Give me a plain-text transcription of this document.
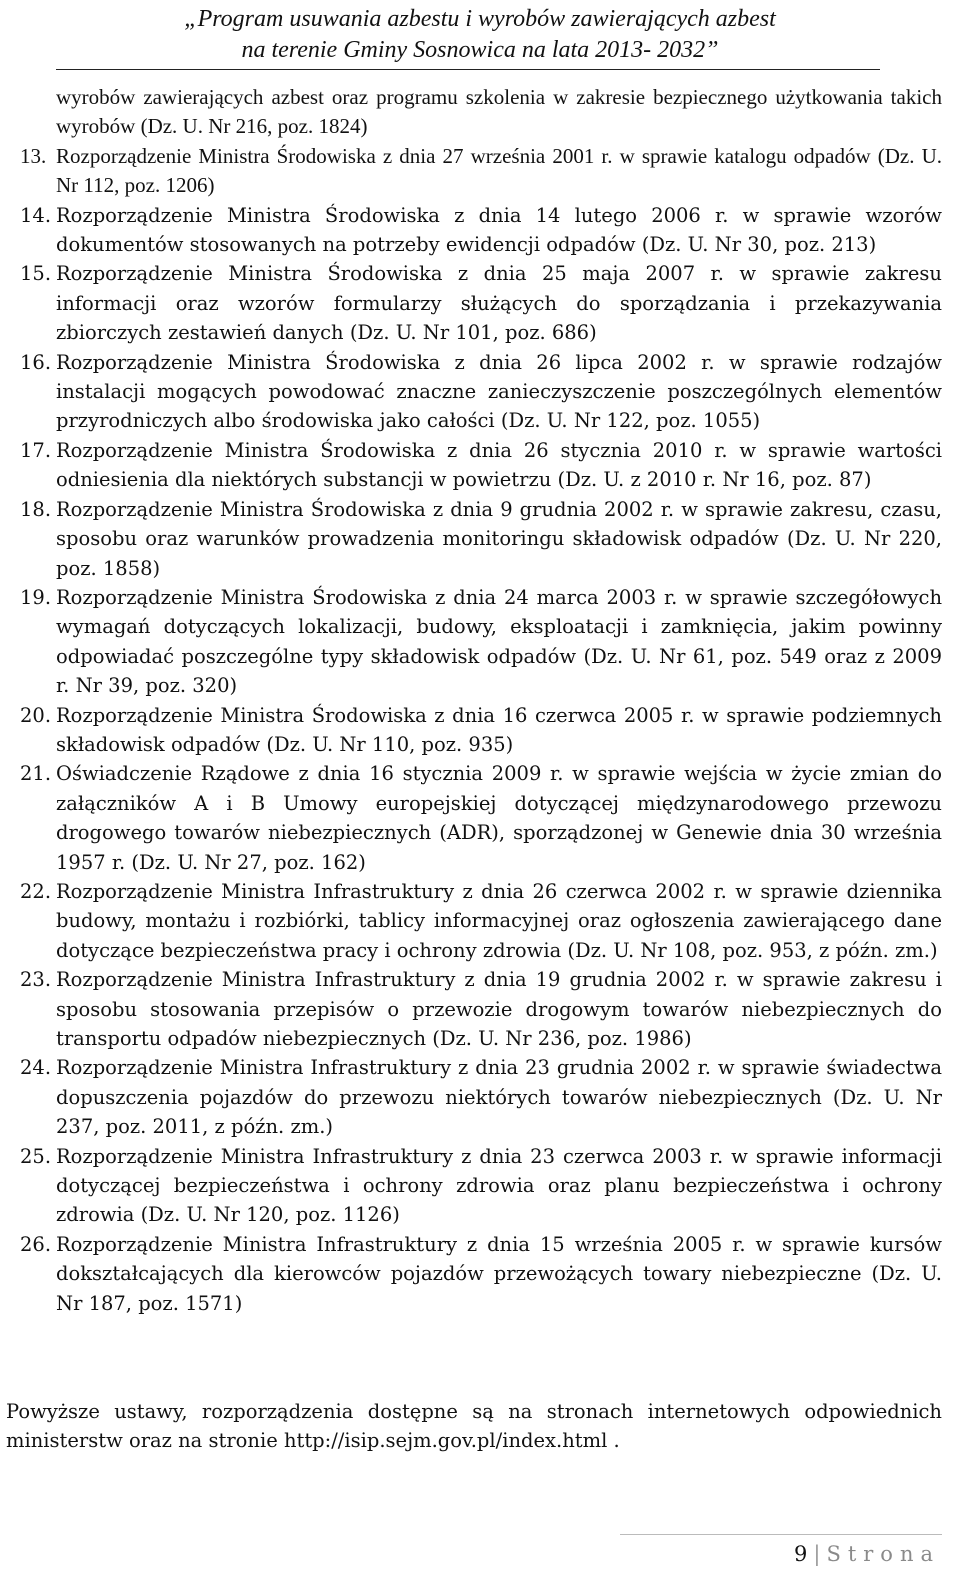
„Program usuwania azbestu i wyrobów zawierających azbest
na terenie Gminy Sosnowica na lata 2013- 2032”
wyrobów zawierających azbest oraz programu szkolenia w zakresie bezpiecznego użytkowania takich wyrobów (Dz. U. Nr 216, poz. 1824)
13. Rozporządzenie Ministra Środowiska z dnia 27 września 2001 r. w sprawie katalogu odpadów (Dz. U. Nr 112, poz. 1206)
14. Rozporządzenie Ministra Środowiska z dnia 14 lutego 2006 r. w sprawie wzorów dokumentów stosowanych na potrzeby ewidencji odpadów (Dz. U. Nr 30, poz. 213)
15. Rozporządzenie Ministra Środowiska z dnia 25 maja 2007 r. w sprawie zakresu informacji oraz wzorów formularzy służących do sporządzania i przekazywania zbiorczych zestawień danych (Dz. U. Nr 101, poz. 686)
16. Rozporządzenie Ministra Środowiska z dnia 26 lipca 2002 r. w sprawie rodzajów instalacji mogących powodować znaczne zanieczyszczenie poszczególnych elementów przyrodniczych albo środowiska jako całości (Dz. U. Nr 122, poz. 1055)
17. Rozporządzenie Ministra Środowiska z dnia 26 stycznia 2010 r. w sprawie wartości odniesienia dla niektórych substancji w powietrzu (Dz. U. z 2010 r. Nr 16, poz. 87)
18. Rozporządzenie Ministra Środowiska z dnia 9 grudnia 2002 r. w sprawie zakresu, czasu, sposobu oraz warunków prowadzenia monitoringu składowisk odpadów (Dz. U. Nr 220, poz. 1858)
19. Rozporządzenie Ministra Środowiska z dnia 24 marca 2003 r. w sprawie szczegółowych wymagań dotyczących lokalizacji, budowy, eksploatacji i zamknięcia, jakim powinny odpowiadać poszczególne typy składowisk odpadów (Dz. U. Nr 61, poz. 549 oraz z 2009 r. Nr 39, poz. 320)
20. Rozporządzenie Ministra Środowiska z dnia 16 czerwca 2005 r. w sprawie podziemnych składowisk odpadów (Dz. U. Nr 110, poz. 935)
21. Oświadczenie Rządowe z dnia 16 stycznia 2009 r. w sprawie wejścia w życie zmian do załączników A i B Umowy europejskiej dotyczącej międzynarodowego przewozu drogowego towarów niebezpiecznych (ADR), sporządzonej w Genewie dnia 30 września 1957 r. (Dz. U. Nr 27, poz. 162)
22. Rozporządzenie Ministra Infrastruktury z dnia 26 czerwca 2002 r. w sprawie dziennika budowy, montażu i rozbiórki, tablicy informacyjnej oraz ogłoszenia zawierającego dane dotyczące bezpieczeństwa pracy i ochrony zdrowia (Dz. U. Nr 108, poz. 953, z późn. zm.)
23. Rozporządzenie Ministra Infrastruktury z dnia 19 grudnia 2002 r. w sprawie zakresu i sposobu stosowania przepisów o przewozie drogowym towarów niebezpiecznych do transportu odpadów niebezpiecznych (Dz. U. Nr 236, poz. 1986)
24. Rozporządzenie Ministra Infrastruktury z dnia 23 grudnia 2002 r. w sprawie świadectwa dopuszczenia pojazdów do przewozu niektórych towarów niebezpiecznych (Dz. U. Nr 237, poz. 2011, z późn. zm.)
25. Rozporządzenie Ministra Infrastruktury z dnia 23 czerwca 2003 r. w sprawie informacji dotyczącej bezpieczeństwa i ochrony zdrowia oraz planu bezpieczeństwa i ochrony zdrowia (Dz. U. Nr 120, poz. 1126)
26. Rozporządzenie Ministra Infrastruktury z dnia 15 września 2005 r. w sprawie kursów dokształcających dla kierowców pojazdów przewożących towary niebezpieczne (Dz. U. Nr 187, poz. 1571)
Powyższe ustawy, rozporządzenia dostępne są na stronach internetowych odpowiednich ministerstw oraz na stronie http://isip.sejm.gov.pl/index.html .
9 | Strona
